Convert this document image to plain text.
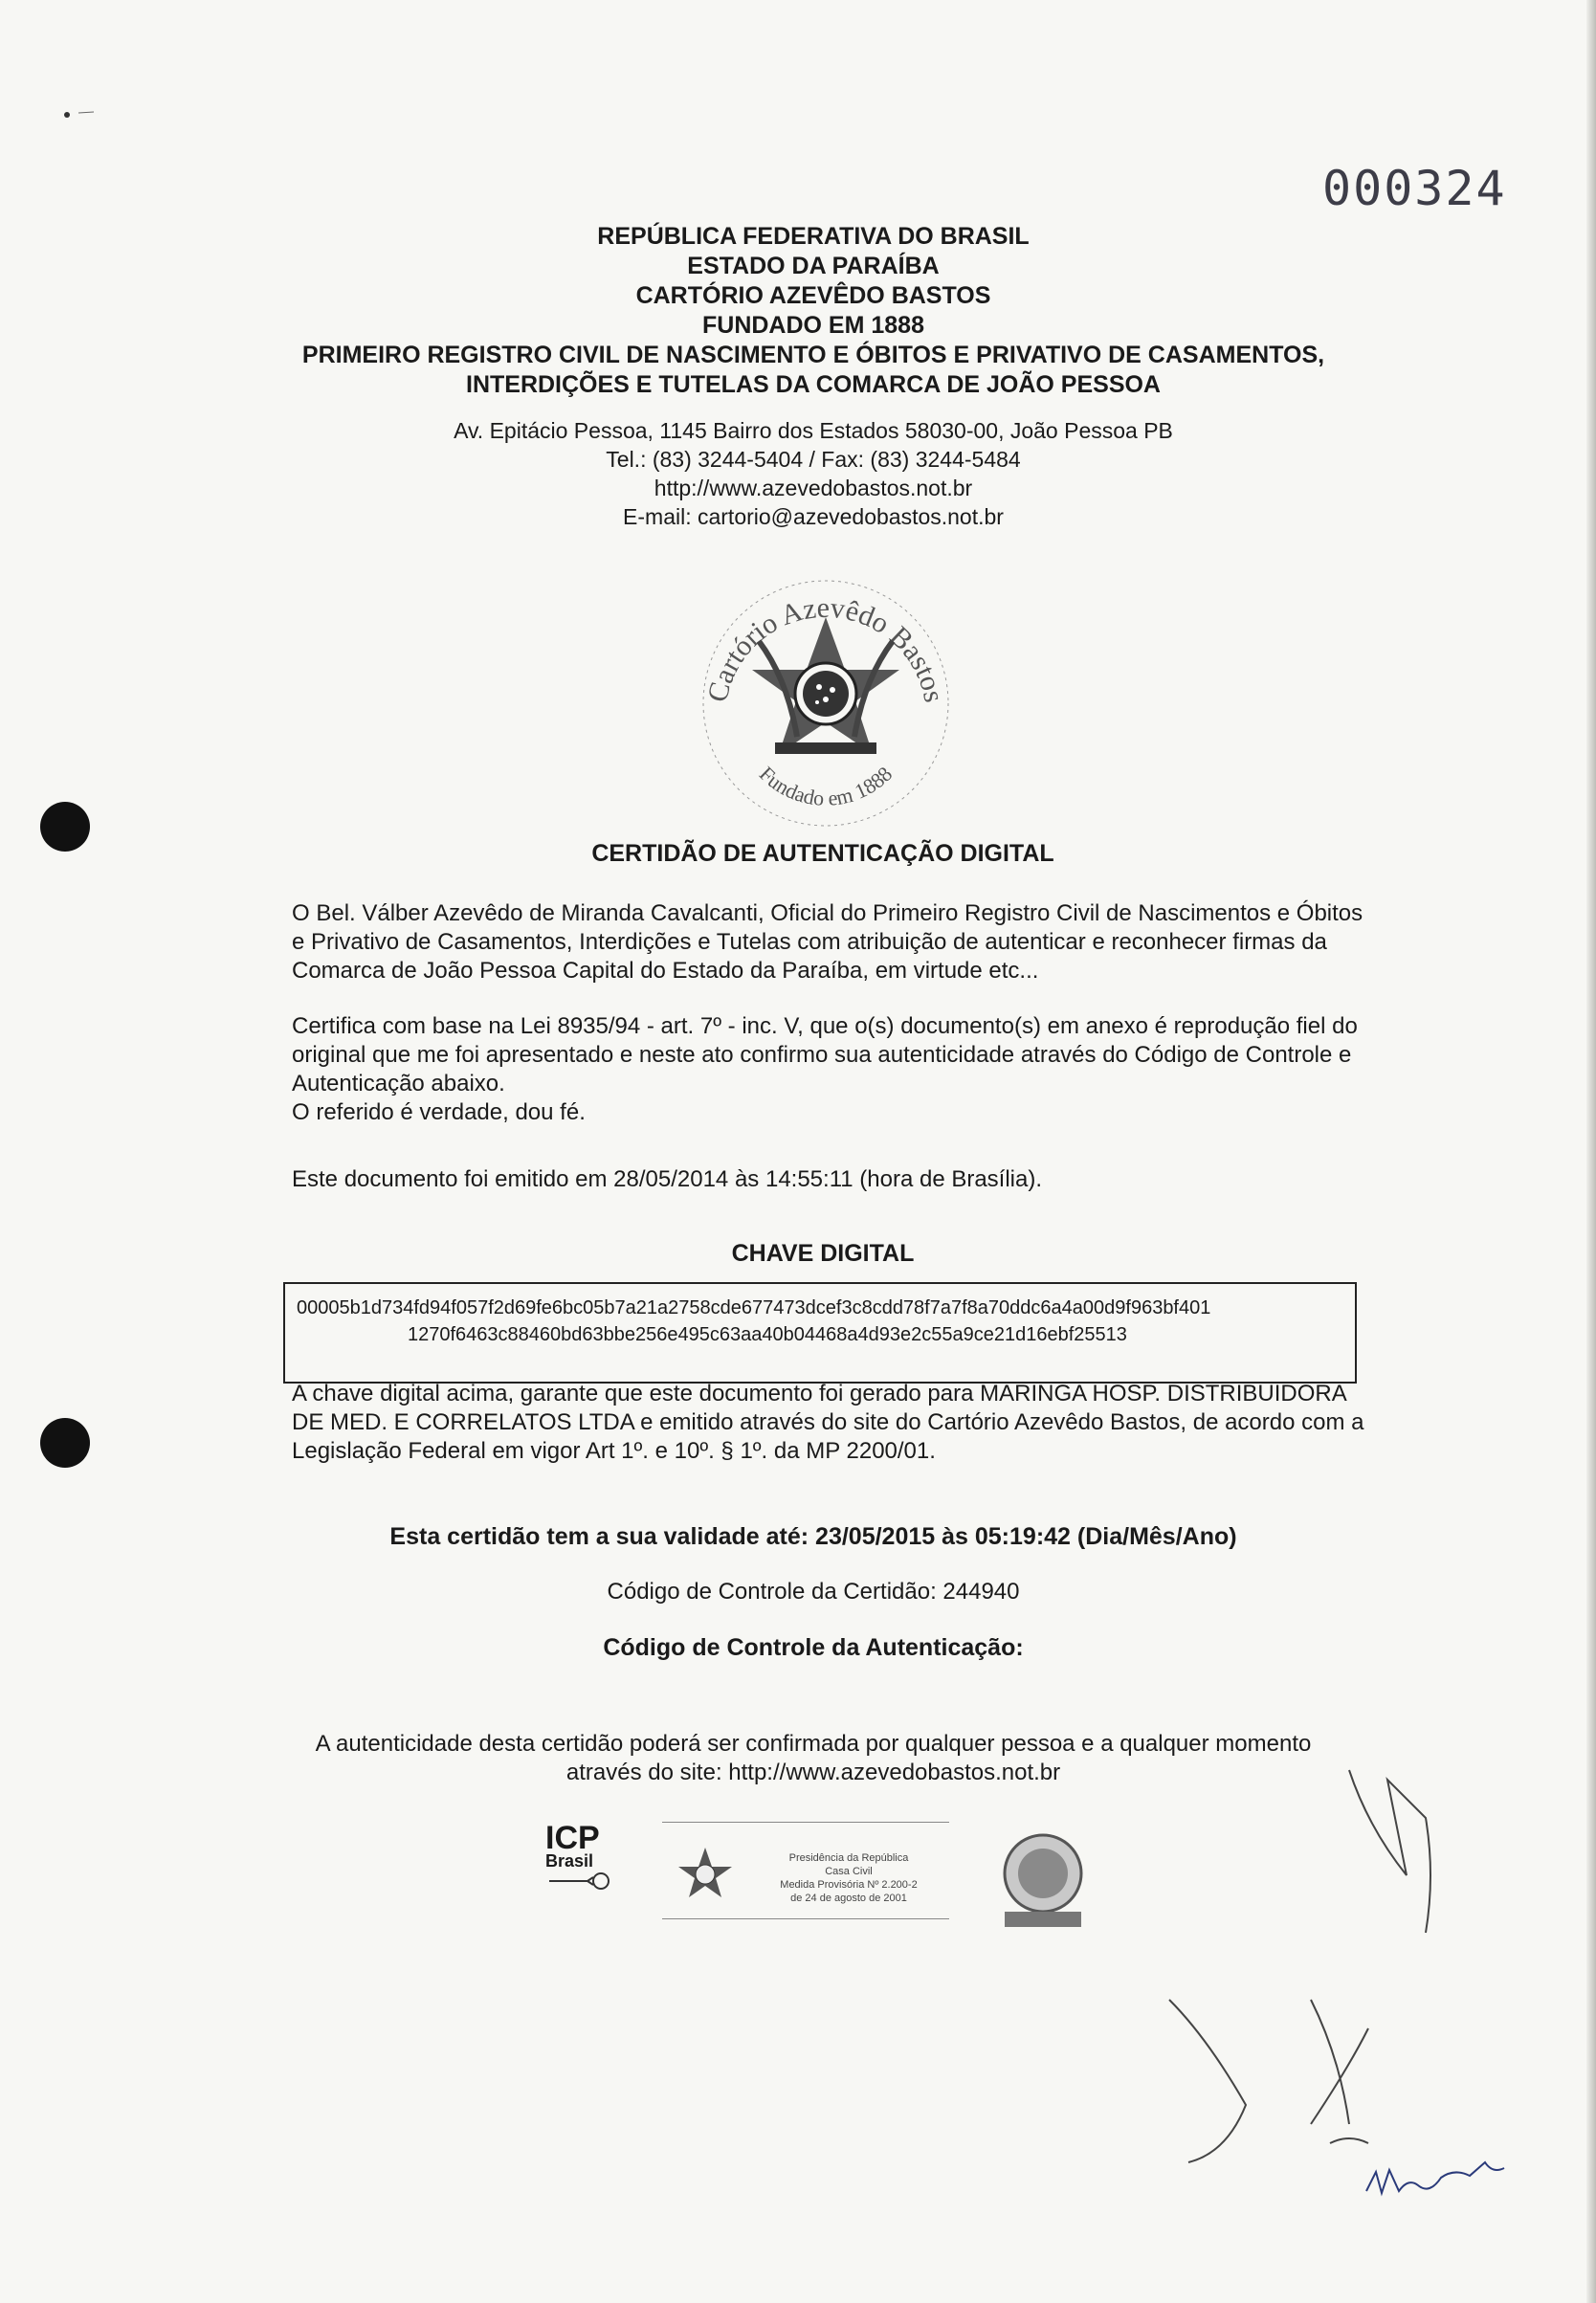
000324
REPÚBLICA FEDERATIVA DO BRASIL
ESTADO DA PARAÍBA
CARTÓRIO AZEVÊDO BASTOS
FUNDADO EM 1888
PRIMEIRO REGISTRO CIVIL DE NASCIMENTO E ÓBITOS E PRIVATIVO DE CASAMENTOS,
INTERDIÇÕES E TUTELAS DA COMARCA DE JOÃO PESSOA
Av. Epitácio Pessoa, 1145 Bairro dos Estados 58030-00, João Pessoa PB
Tel.: (83) 3244-5404 / Fax: (83) 3244-5484
http://www.azevedobastos.not.br
E-mail: cartorio@azevedobastos.not.br
Cartório Azevêdo Bastos
Fundado em 1888
CERTIDÃO DE AUTENTICAÇÃO DIGITAL

O Bel. Válber Azevêdo de Miranda Cavalcanti, Oficial do Primeiro Registro Civil de Nascimentos e Óbitos e Privativo de Casamentos, Interdições e Tutelas com atribuição de autenticar e reconhecer firmas da Comarca de João Pessoa Capital do Estado da Paraíba, em virtude etc...

Certifica com base na Lei 8935/94 - art. 7º - inc. V, que o(s) documento(s) em anexo é reprodução fiel do original que me foi apresentado e neste ato confirmo sua autenticidade através do Código de Controle e Autenticação abaixo.

O referido é verdade, dou fé.

Este documento foi emitido em 28/05/2014 às 14:55:11 (hora de Brasília).

CHAVE DIGITAL
00005b1d734fd94f057f2d69fe6bc05b7a21a2758cde677473dcef3c8cdd78f7a7f8a70ddc6a4a00d9f963bf401
1270f6463c88460bd63bbe256e495c63aa40b04468a4d93e2c55a9ce21d16ebf25513

A chave digital acima, garante que este documento foi gerado para MARINGA HOSP. DISTRIBUIDORA DE MED. E CORRELATOS LTDA e emitido através do site do Cartório Azevêdo Bastos, de acordo com a Legislação Federal em vigor Art 1º. e 10º. § 1º. da MP 2200/01.

Esta certidão tem a sua validade até: 23/05/2015 às 05:19:42 (Dia/Mês/Ano)
Código de Controle da Certidão: 244940
Código de Controle da Autenticação:
A autenticidade desta certidão poderá ser confirmada por qualquer pessoa e a qualquer momento
através do site: http://www.azevedobastos.not.br
ICP
Brasil	Presidência da República
Casa Civil
Medida Provisória Nº 2.200-2
de 24 de agosto de 2001
